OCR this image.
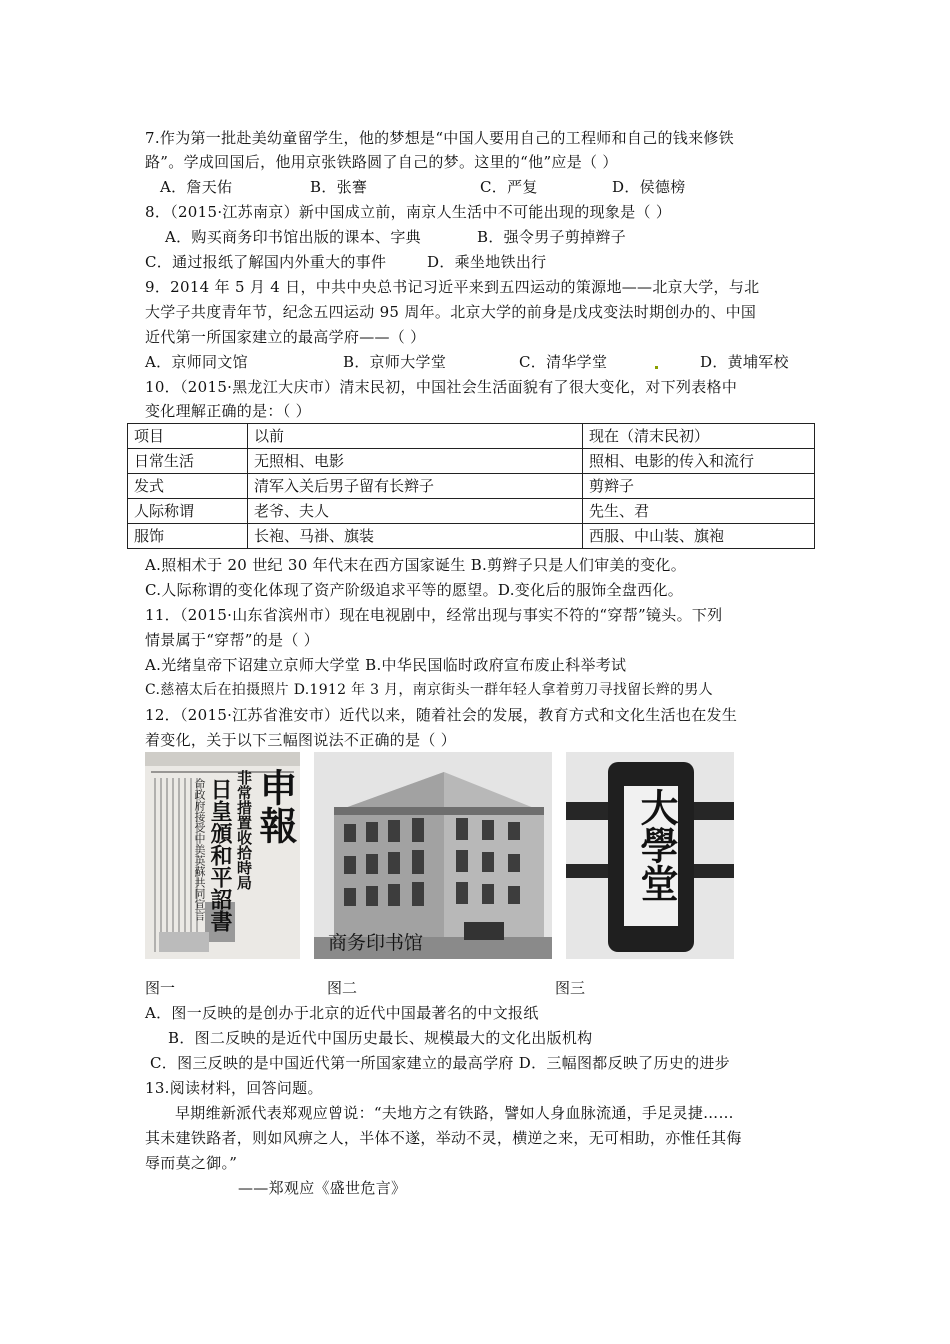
7.作为第一批赴美幼童留学生，他的梦想是“中国人要用自己的工程师和自己的钱来修铁
路”。学成回国后，他用京张铁路圆了自己的梦。这里的“他”应是（ ）
A．詹天佑	B．张謇	C．严复	D．侯德榜
8．（2015·江苏南京）新中国成立前，南京人生活中不可能出现的现象是（ ）
A．购买商务印书馆出版的课本、字典	B．强令男子剪掉辫子
C．通过报纸了解国内外重大的事件	D．乘坐地铁出行
9．2014 年 5 月 4 日，中共中央总书记习近平来到五四运动的策源地——北京大学，与北
大学子共度青年节，纪念五四运动 95 周年。北京大学的前身是戊戌变法时期创办的、中国
近代第一所国家建立的最高学府——（ ）
A．京师同文馆	B．京师大学堂	C．清华学堂	D．黄埔军校
10．（2015·黑龙江大庆市）清末民初，中国社会生活面貌有了很大变化，对下列表格中
变化理解正确的是：（ ）
项目	以前	现在（清末民初）
日常生活	无照相、电影	照相、电影的传入和流行
发式	清军入关后男子留有长辫子	剪辫子
人际称谓	老爷、夫人	先生、君
服饰	长袍、马褂、旗装	西服、中山装、旗袍
A.照相术于 20 世纪 30 年代末在西方国家诞生 B.剪辫子只是人们审美的变化。
C.人际称谓的变化体现了资产阶级追求平等的愿望。D.变化后的服饰全盘西化。
11．（2015·山东省滨州市）现在电视剧中，经常出现与事实不符的“穿帮”镜头。下列
情景属于“穿帮”的是（ ）
A.光绪皇帝下诏建立京师大学堂 B.中华民国临时政府宣布废止科举考试
C.慈禧太后在拍摄照片 D.1912 年 3 月，南京街头一群年轻人拿着剪刀寻找留长辫的男人
12．（2015·江苏省淮安市）近代以来，随着社会的发展，教育方式和文化生活也在发生
着变化，关于以下三幅图说法不正确的是（ ）
申報
非常措置收拾時局
日皇頒和平詔書
命政府接受中美英蘇共同宣言
商务印书馆
大學堂
图一	图二	图三
A．图一反映的是创办于北京的近代中国最著名的中文报纸
B．图二反映的是近代中国历史最长、规模最大的文化出版机构
C．图三反映的是中国近代第一所国家建立的最高学府 D．三幅图都反映了历史的进步
13.阅读材料，回答问题。
早期维新派代表郑观应曾说：“夫地方之有铁路，譬如人身血脉流通，手足灵捷……
其未建铁路者，则如风痹之人，半体不遂，举动不灵，横逆之来，无可相助，亦惟任其侮
辱而莫之御。”
——郑观应《盛世危言》
